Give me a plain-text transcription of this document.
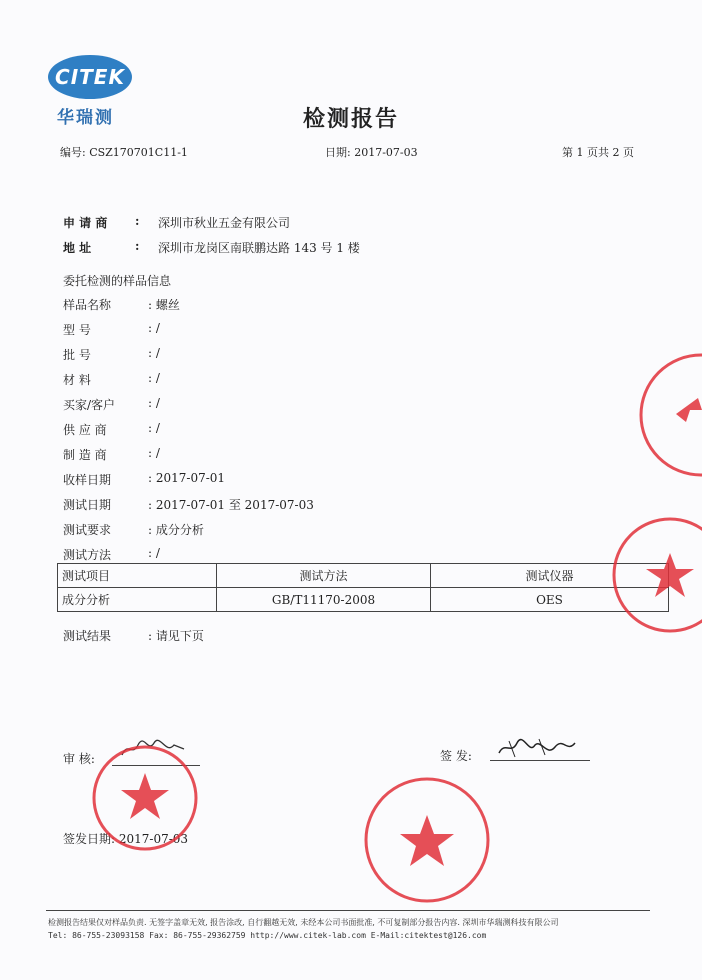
CITEK
华瑞测	检测报告
编号: CSZ170701C11-1	日期: 2017-07-03	第 1 页共 2 页
申 请 商 : 深圳市秋业五金有限公司
地 址	: 深圳市龙岗区南联鹏达路 143 号 1 楼
委托检测的样品信息
样品名称	: 螺丝
型 号	: /
批 号	: /
材 料	: /
买家/客户	: /
供 应 商	: /
制 造 商	: /
收样日期	: 2017-07-01
测试日期	: 2017-07-01 至 2017-07-03
测试要求	: 成分分析
测试方法	: /
测试项目	测试方法	测试仪器
成分分析	GB/T11170-2008	OES
测试结果	: 请见下页
审 核:	签 发:
签发日期: 2017-07-03
检测报告结果仅对样品负责. 无签字盖章无效, 报告涂改, 自行翻越无效, 未经本公司书面批准, 不可复制部分报告内容. 深圳市华瑞测科技有限公司
Tel: 86-755-23093158 Fax: 86-755-29362759 http://www.citek-lab.com E-Mail:citektest@126.com
